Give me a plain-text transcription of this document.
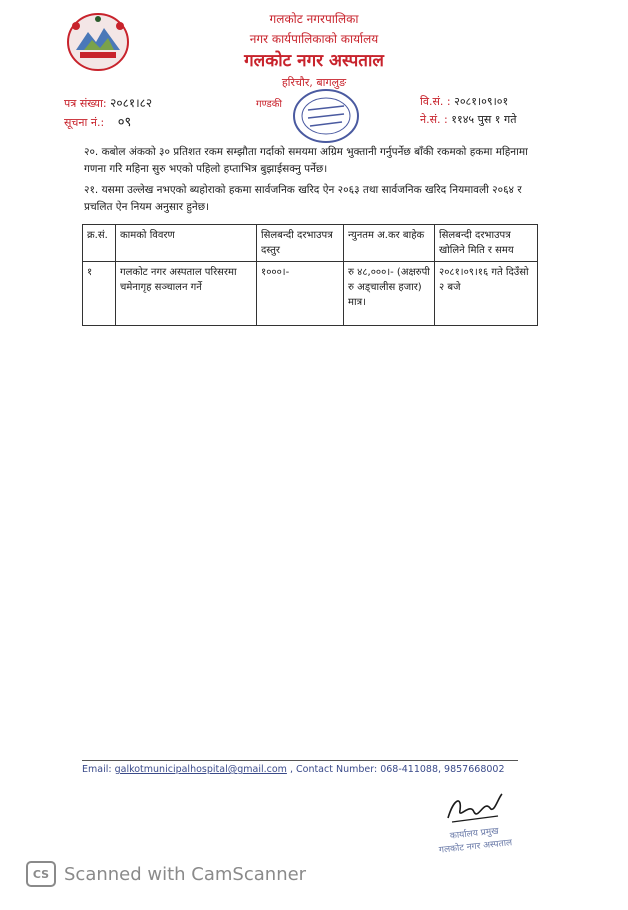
गलकोट नगरपालिका
नगर कार्यपालिकाको कार्यालय
गलकोट नगर अस्पताल
हरिचौर, बागलुङ
गण्डकी
पत्र संख्या: २०८१।८२
सूचना नं.: ०९
वि.सं. : २०८१।०९।०१
ने.सं. : ११४५ पुस १ गते
२०. कबोल अंकको ३० प्रतिशत रकम सम्झौता गर्दाको समयमा अग्रिम भुक्तानी गर्नुपर्नेछ बाँकी रकमको हकमा महिनामा गणना गरि महिना सुरु भएको पहिलो हप्ताभित्र बुझाईसक्नु पर्नेछ।
२१. यसमा उल्लेख नभएको ब्यहोराको हकमा सार्वजनिक खरिद ऐन २०६३ तथा सार्वजनिक खरिद नियमावली २०६४ र प्रचलित ऐन नियम अनुसार हुनेछ।
क्र.सं.	कामको विवरण	सिलबन्दी दरभाउपत्र दस्तुर	न्युनतम अ.कर बाहेक	सिलबन्दी दरभाउपत्र खोलिने मिति र समय
१	गलकोट नगर अस्पताल परिसरमा चमेनागृह सञ्चालन गर्ने	१०००।-	रु ४८,०००।- (अक्षरुपी रु अड्चालीस हजार) मात्र।	२०८१।०९।१६ गते दिउँसो २ बजे
Email: galkotmunicipalhospital@gmail.com , Contact Number: 068-411088, 9857668002
कार्यालय प्रमुख
गलकोट नगर अस्पताल
CS Scanned with CamScanner
